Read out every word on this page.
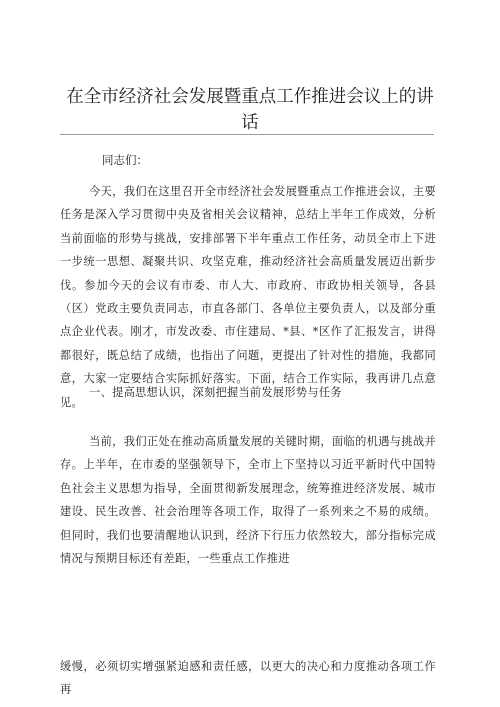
在全市经济社会发展暨重点工作推进会议上的讲话
同志们：

今天，我们在这里召开全市经济社会发展暨重点工作推进会议，主要任务是深入学习贯彻中央及省相关会议精神，总结上半年工作成效，分析当前面临的形势与挑战，安排部署下半年重点工作任务，动员全市上下进一步统一思想、凝聚共识、攻坚克难，推动经济社会高质量发展迈出新步伐。参加今天的会议有市委、市人大、市政府、市政协相关领导，各县（区）党政主要负责同志，市直各部门、各单位主要负责人，以及部分重点企业代表。刚才，市发改委、市住建局、*县、*区作了汇报发言，讲得都很好，既总结了成绩，也指出了问题，更提出了针对性的措施，我都同意，大家一定要结合实际抓好落实。下面，结合工作实际，我再讲几点意见。

一、提高思想认识，深刻把握当前发展形势与任务

当前，我们正处在推动高质量发展的关键时期，面临的机遇与挑战并存。上半年，在市委的坚强领导下，全市上下坚持以习近平新时代中国特色社会主义思想为指导，全面贯彻新发展理念，统筹推进经济发展、城市建设、民生改善、社会治理等各项工作，取得了一系列来之不易的成绩。但同时，我们也要清醒地认识到，经济下行压力依然较大，部分指标完成情况与预期目标还有差距，一些重点工作推进

缓慢，必须切实增强紧迫感和责任感，以更大的决心和力度推动各项工作再
